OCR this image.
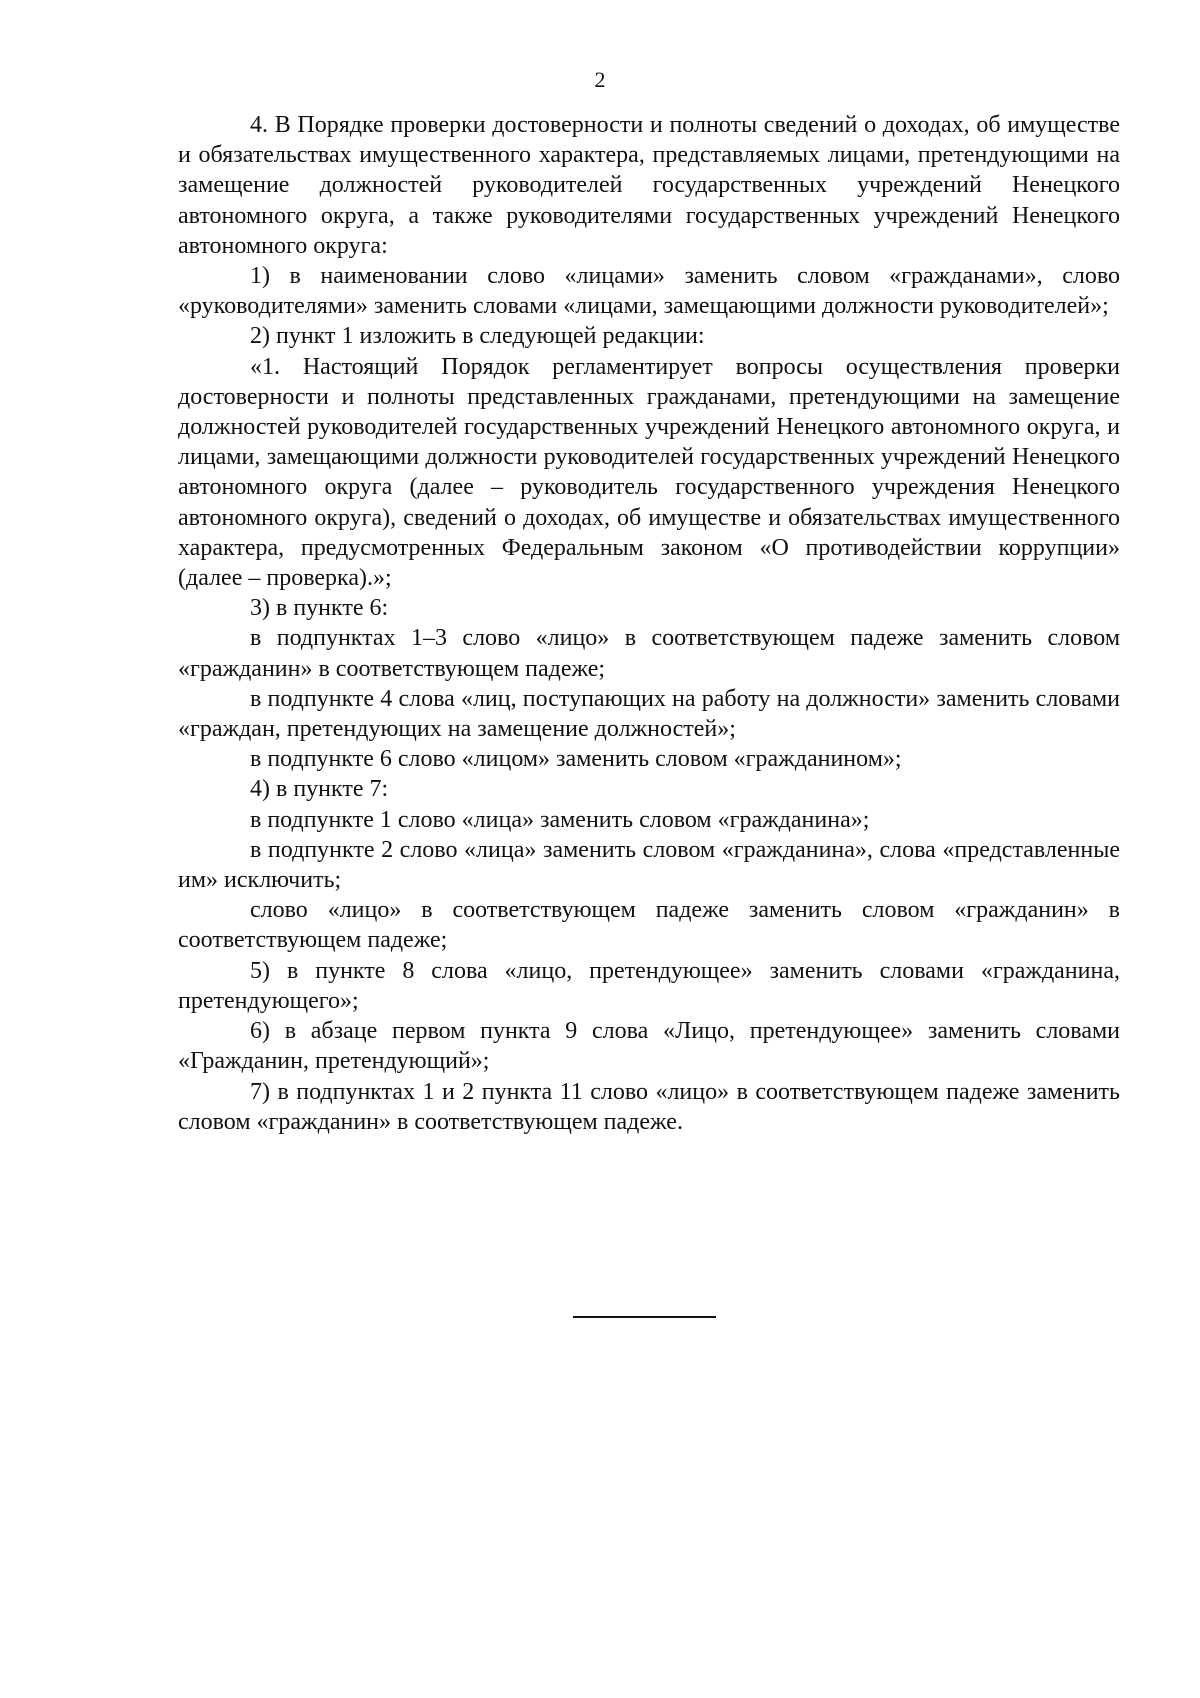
2

4. В Порядке проверки достоверности и полноты сведений о доходах, об имуществе и обязательствах имущественного характера, представляемых лицами, претендующими на замещение должностей руководителей государственных учреждений Ненецкого автономного округа, а также руководителями государственных учреждений Ненецкого автономного округа:

1) в наименовании слово «лицами» заменить словом «гражданами», слово «руководителями» заменить словами «лицами, замещающими должности руководителей»;

2) пункт 1 изложить в следующей редакции:

«1. Настоящий Порядок регламентирует вопросы осуществления проверки достоверности и полноты представленных гражданами, претендующими на замещение должностей руководителей государственных учреждений Ненецкого автономного округа, и лицами, замещающими должности руководителей государственных учреждений Ненецкого автономного округа (далее – руководитель государственного учреждения Ненецкого автономного округа), сведений о доходах, об имуществе и обязательствах имущественного характера, предусмотренных Федеральным законом «О противодействии коррупции» (далее – проверка).»;

3) в пункте 6:

в подпунктах 1–3 слово «лицо» в соответствующем падеже заменить словом «гражданин» в соответствующем падеже;

в подпункте 4 слова «лиц, поступающих на работу на должности» заменить словами «граждан, претендующих на замещение должностей»;

в подпункте 6 слово «лицом» заменить словом «гражданином»;

4) в пункте 7:

в подпункте 1 слово «лица» заменить словом «гражданина»;

в подпункте 2 слово «лица» заменить словом «гражданина», слова «представленные им» исключить;

слово «лицо» в соответствующем падеже заменить словом «гражданин» в соответствующем падеже;

5) в пункте 8 слова «лицо, претендующее» заменить словами «гражданина, претендующего»;

6) в абзаце первом пункта 9 слова «Лицо, претендующее» заменить словами «Гражданин, претендующий»;

7) в подпунктах 1 и 2 пункта 11 слово «лицо» в соответствующем падеже заменить словом «гражданин» в соответствующем падеже.
